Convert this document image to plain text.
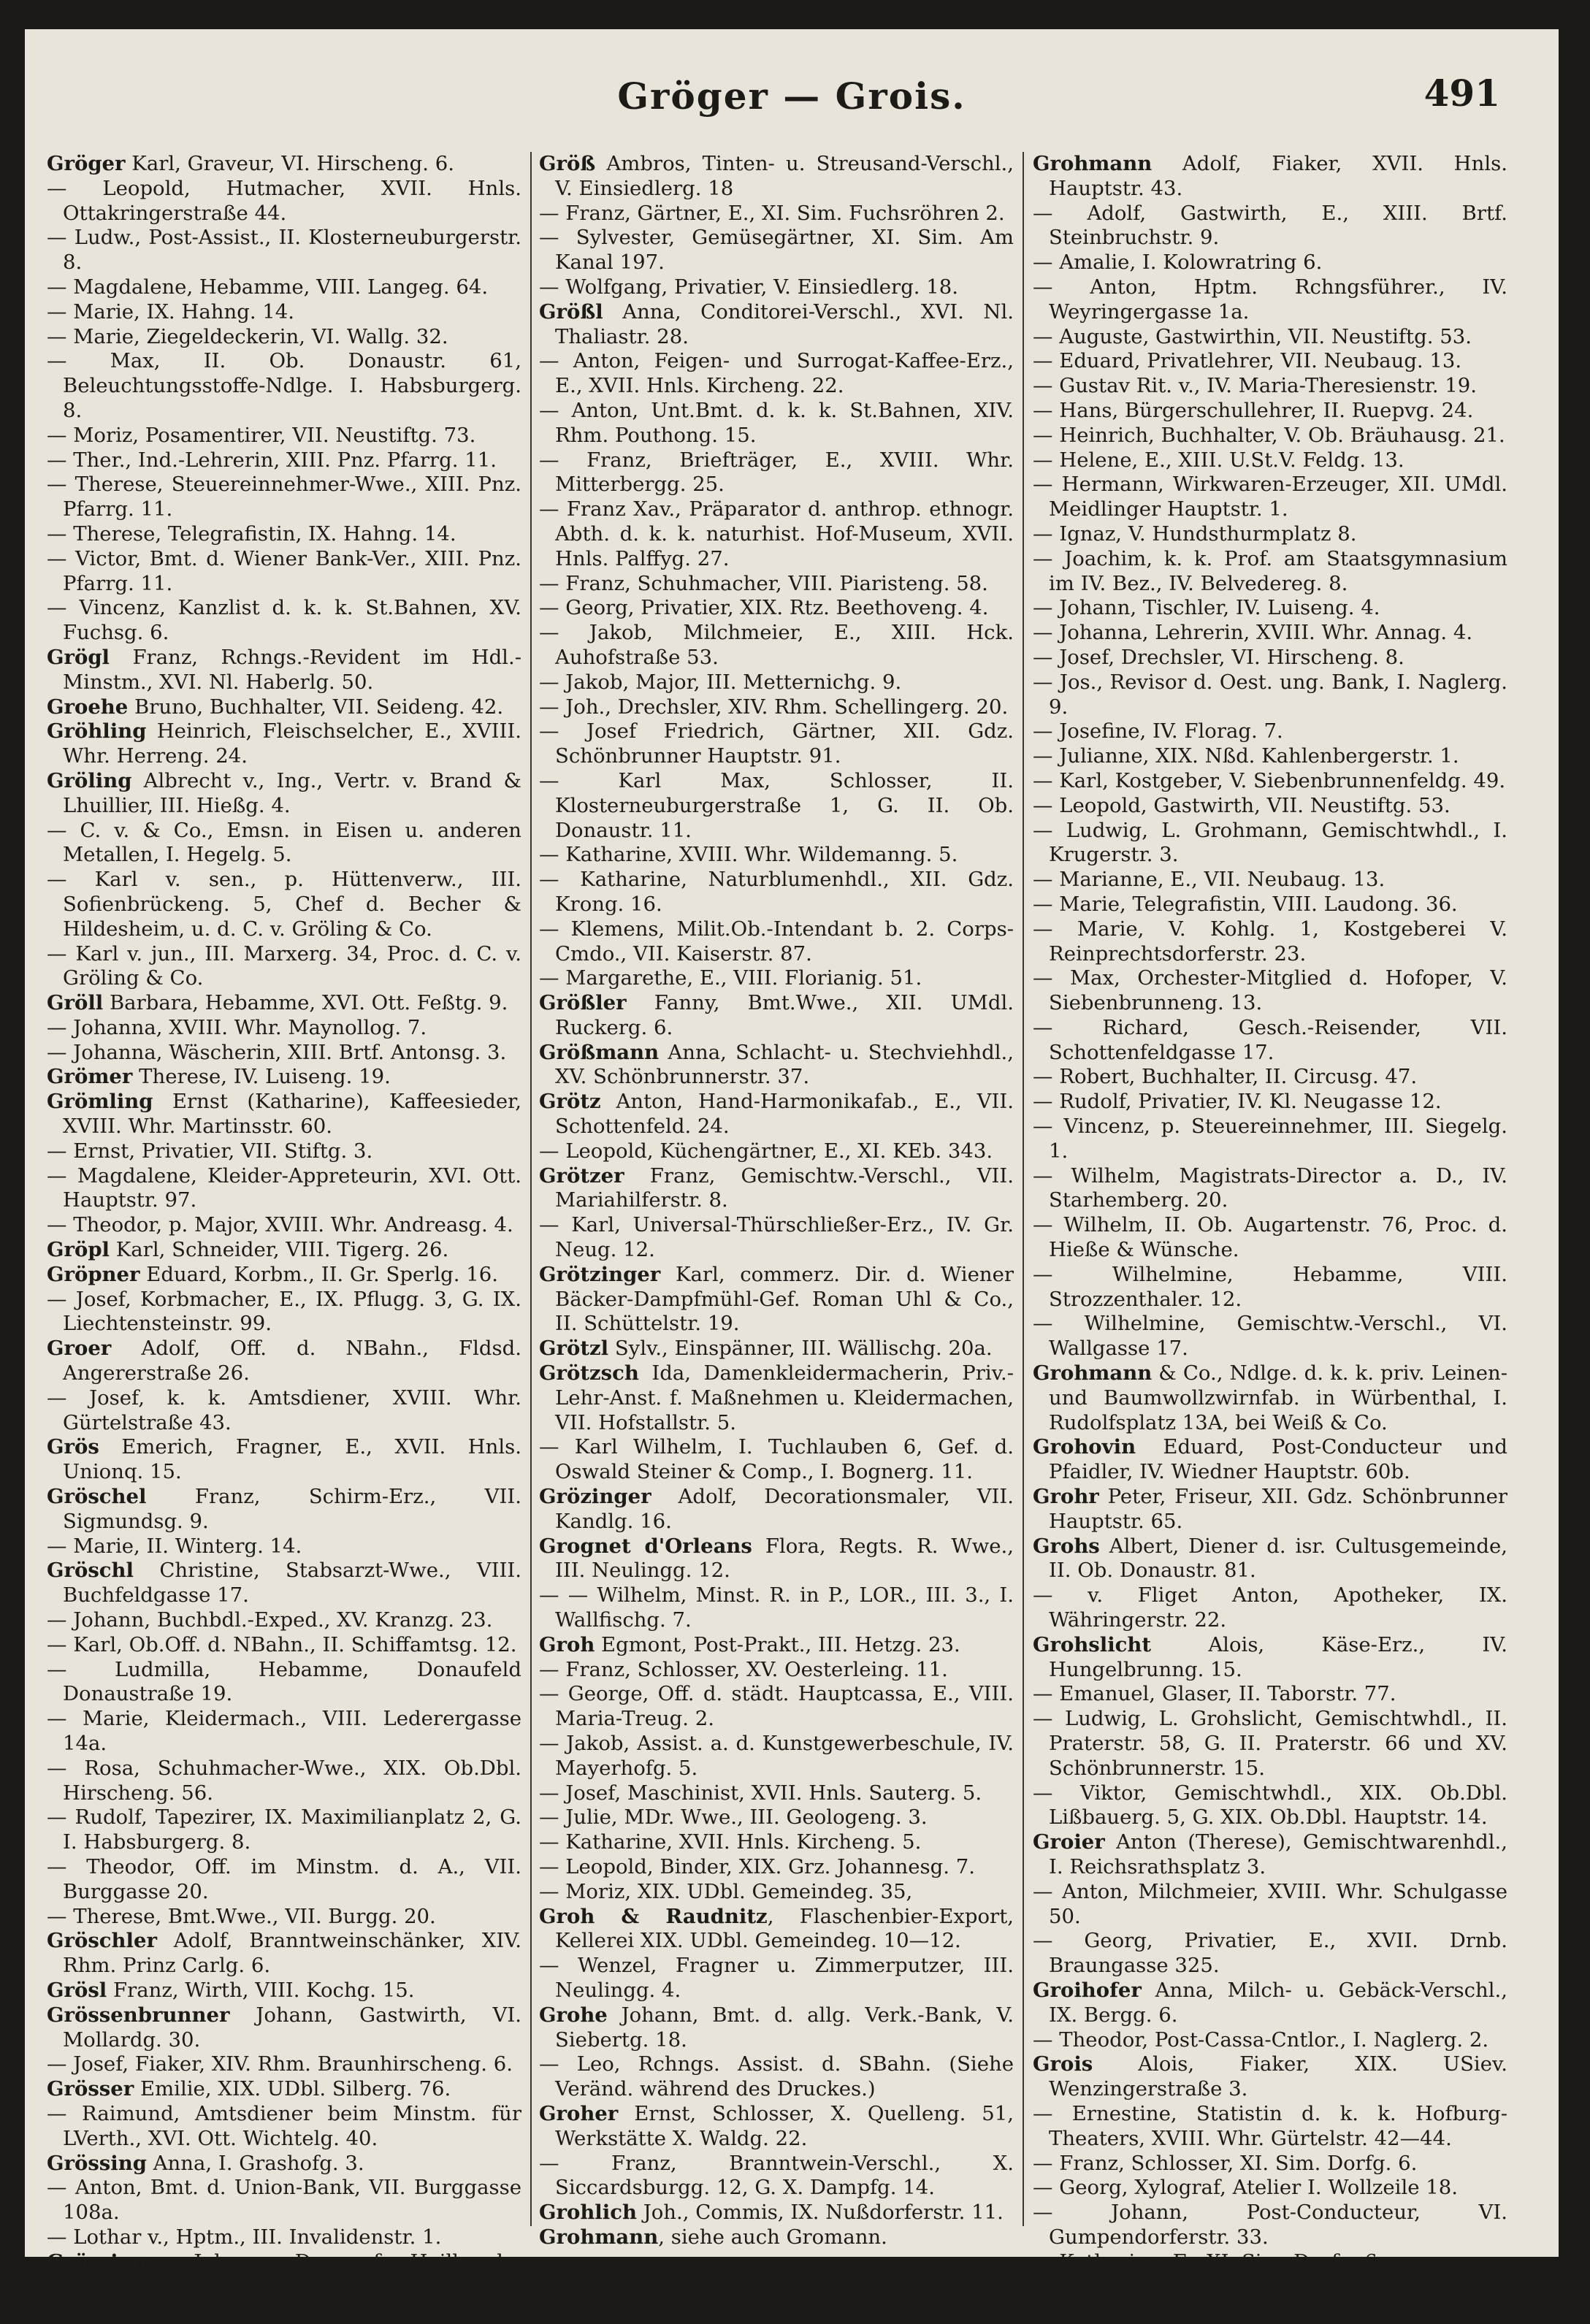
Gröger — Grois.	491

Gröger Karl, Graveur, VI. Hirscheng. 6.

— Leopold, Hutmacher, XVII. Hnls. Ottakringerstraße 44.

— Ludw., Post-Assist., II. Klosterneuburgerstr. 8.

— Magdalene, Hebamme, VIII. Langeg. 64.

— Marie, IX. Hahng. 14.

— Marie, Ziegeldeckerin, VI. Wallg. 32.

— Max, II. Ob. Donaustr. 61, Beleuchtungsstoffe-Ndlge. I. Habsburgerg. 8.

— Moriz, Posamentirer, VII. Neustiftg. 73.

— Ther., Ind.-Lehrerin, XIII. Pnz. Pfarrg. 11.

— Therese, Steuereinnehmer-Wwe., XIII. Pnz. Pfarrg. 11.

— Therese, Telegrafistin, IX. Hahng. 14.

— Victor, Bmt. d. Wiener Bank-Ver., XIII. Pnz. Pfarrg. 11.

— Vincenz, Kanzlist d. k. k. St.Bahnen, XV. Fuchsg. 6.

Grögl Franz, Rchngs.-Revident im Hdl.-Minstm., XVI. Nl. Haberlg. 50.

Groehe Bruno, Buchhalter, VII. Seideng. 42.

Gröhling Heinrich, Fleischselcher, E., XVIII. Whr. Herreng. 24.

Gröling Albrecht v., Ing., Vertr. v. Brand & Lhuillier, III. Hießg. 4.

— C. v. & Co., Emsn. in Eisen u. anderen Metallen, I. Hegelg. 5.

— Karl v. sen., p. Hüttenverw., III. Sofienbrückeng. 5, Chef d. Becher & Hildesheim, u. d. C. v. Gröling & Co.

— Karl v. jun., III. Marxerg. 34, Proc. d. C. v. Gröling & Co.

Gröll Barbara, Hebamme, XVI. Ott. Feßtg. 9.

— Johanna, XVIII. Whr. Maynollog. 7.

— Johanna, Wäscherin, XIII. Brtf. Antonsg. 3.

Grömer Therese, IV. Luiseng. 19.

Grömling Ernst (Katharine), Kaffeesieder, XVIII. Whr. Martinsstr. 60.

— Ernst, Privatier, VII. Stiftg. 3.

— Magdalene, Kleider-Appreteurin, XVI. Ott. Hauptstr. 97.

— Theodor, p. Major, XVIII. Whr. Andreasg. 4.

Gröpl Karl, Schneider, VIII. Tigerg. 26.

Gröpner Eduard, Korbm., II. Gr. Sperlg. 16.

— Josef, Korbmacher, E., IX. Pflugg. 3, G. IX. Liechtensteinstr. 99.

Groer Adolf, Off. d. NBahn., Fldsd. Angererstraße 26.

— Josef, k. k. Amtsdiener, XVIII. Whr. Gürtelstraße 43.

Grös Emerich, Fragner, E., XVII. Hnls. Unionq. 15.

Gröschel Franz, Schirm-Erz., VII. Sigmundsg. 9.

— Marie, II. Winterg. 14.

Gröschl Christine, Stabsarzt-Wwe., VIII. Buchfeldgasse 17.

— Johann, Buchbdl.-Exped., XV. Kranzg. 23.

— Karl, Ob.Off. d. NBahn., II. Schiffamtsg. 12.

— Ludmilla, Hebamme, Donaufeld Donaustraße 19.

— Marie, Kleidermach., VIII. Lederergasse 14a.

— Rosa, Schuhmacher-Wwe., XIX. Ob.Dbl. Hirscheng. 56.

— Rudolf, Tapezirer, IX. Maximilianplatz 2, G. I. Habsburgerg. 8.

— Theodor, Off. im Minstm. d. A., VII. Burggasse 20.

— Therese, Bmt.Wwe., VII. Burgg. 20.

Gröschler Adolf, Branntweinschänker, XIV. Rhm. Prinz Carlg. 6.

Grösl Franz, Wirth, VIII. Kochg. 15.

Grössenbrunner Johann, Gastwirth, VI. Mollardg. 30.

— Josef, Fiaker, XIV. Rhm. Braunhirscheng. 6.

Grösser Emilie, XIX. UDbl. Silberg. 76.

— Raimund, Amtsdiener beim Minstm. für LVerth., XVI. Ott. Wichtelg. 40.

Grössing Anna, I. Grashofg. 3.

— Anton, Bmt. d. Union-Bank, VII. Burggasse 108a.

— Lothar v., Hptm., III. Invalidenstr. 1.

Grössinger Johann, Dr. gef. Heilkunde, Regts. Arzt d. n. a. LWehr., XI. Sim. Hauptstr. 18 (12—2).

Größ Ambros, Tinten- u. Streusand-Verschl., V. Einsiedlerg. 18

— Franz, Gärtner, E., XI. Sim. Fuchsröhren 2.

— Sylvester, Gemüsegärtner, XI. Sim. Am Kanal 197.

— Wolfgang, Privatier, V. Einsiedlerg. 18.

Größl Anna, Conditorei-Verschl., XVI. Nl. Thaliastr. 28.

— Anton, Feigen- und Surrogat-Kaffee-Erz., E., XVII. Hnls. Kircheng. 22.

— Anton, Unt.Bmt. d. k. k. St.Bahnen, XIV. Rhm. Pouthong. 15.

— Franz, Briefträger, E., XVIII. Whr. Mitterbergg. 25.

— Franz Xav., Präparator d. anthrop. ethnogr. Abth. d. k. k. naturhist. Hof-Museum, XVII. Hnls. Palffyg. 27.

— Franz, Schuhmacher, VIII. Piaristeng. 58.

— Georg, Privatier, XIX. Rtz. Beethoveng. 4.

— Jakob, Milchmeier, E., XIII. Hck. Auhofstraße 53.

— Jakob, Major, III. Metternichg. 9.

— Joh., Drechsler, XIV. Rhm. Schellingerg. 20.

— Josef Friedrich, Gärtner, XII. Gdz. Schönbrunner Hauptstr. 91.

— Karl Max, Schlosser, II. Klosterneuburgerstraße 1, G. II. Ob. Donaustr. 11.

— Katharine, XVIII. Whr. Wildemanng. 5.

— Katharine, Naturblumenhdl., XII. Gdz. Krong. 16.

— Klemens, Milit.Ob.-Intendant b. 2. Corps-Cmdo., VII. Kaiserstr. 87.

— Margarethe, E., VIII. Florianig. 51.

Größler Fanny, Bmt.Wwe., XII. UMdl. Ruckerg. 6.

Größmann Anna, Schlacht- u. Stechviehhdl., XV. Schönbrunnerstr. 37.

Grötz Anton, Hand-Harmonikafab., E., VII. Schottenfeld. 24.

— Leopold, Küchengärtner, E., XI. KEb. 343.

Grötzer Franz, Gemischtw.-Verschl., VII. Mariahilferstr. 8.

— Karl, Universal-Thürschließer-Erz., IV. Gr. Neug. 12.

Grötzinger Karl, commerz. Dir. d. Wiener Bäcker-Dampfmühl-Gef. Roman Uhl & Co., II. Schüttelstr. 19.

Grötzl Sylv., Einspänner, III. Wällischg. 20a.

Grötzsch Ida, Damenkleidermacherin, Priv.-Lehr-Anst. f. Maßnehmen u. Kleidermachen, VII. Hofstallstr. 5.

— Karl Wilhelm, I. Tuchlauben 6, Gef. d. Oswald Steiner & Comp., I. Bognerg. 11.

Grözinger Adolf, Decorationsmaler, VII. Kandlg. 16.

Grognet d'Orleans Flora, Regts. R. Wwe., III. Neulingg. 12.

— — Wilhelm, Minst. R. in P., LOR., III. 3., I. Wallfischg. 7.

Groh Egmont, Post-Prakt., III. Hetzg. 23.

— Franz, Schlosser, XV. Oesterleing. 11.

— George, Off. d. städt. Hauptcassa, E., VIII. Maria-Treug. 2.

— Jakob, Assist. a. d. Kunstgewerbeschule, IV. Mayerhofg. 5.

— Josef, Maschinist, XVII. Hnls. Sauterg. 5.

— Julie, MDr. Wwe., III. Geologeng. 3.

— Katharine, XVII. Hnls. Kircheng. 5.

— Leopold, Binder, XIX. Grz. Johannesg. 7.

— Moriz, XIX. UDbl. Gemeindeg. 35,

Groh & Raudnitz, Flaschenbier-Export, Kellerei XIX. UDbl. Gemeindeg. 10—12.

— Wenzel, Fragner u. Zimmerputzer, III. Neulingg. 4.

Grohe Johann, Bmt. d. allg. Verk.-Bank, V. Siebertg. 18.

— Leo, Rchngs. Assist. d. SBahn. (Siehe Veränd. während des Druckes.)

Groher Ernst, Schlosser, X. Quelleng. 51, Werkstätte X. Waldg. 22.

— Franz, Branntwein-Verschl., X. Siccardsburgg. 12, G. X. Dampfg. 14.

Grohlich Joh., Commis, IX. Nußdorferstr. 11.

Grohmann, siehe auch Gromann.

Grohmann Adolf, Fiaker, XVII. Hnls. Hauptstr. 43.

— Adolf, Gastwirth, E., XIII. Brtf. Steinbruchstr. 9.

— Amalie, I. Kolowratring 6.

— Anton, Hptm. Rchngsführer., IV. Weyringergasse 1a.

— Auguste, Gastwirthin, VII. Neustiftg. 53.

— Eduard, Privatlehrer, VII. Neubaug. 13.

— Gustav Rit. v., IV. Maria-Theresienstr. 19.

— Hans, Bürgerschullehrer, II. Ruepvg. 24.

— Heinrich, Buchhalter, V. Ob. Bräuhausg. 21.

— Helene, E., XIII. U.St.V. Feldg. 13.

— Hermann, Wirkwaren-Erzeuger, XII. UMdl. Meidlinger Hauptstr. 1.

— Ignaz, V. Hundsthurmplatz 8.

— Joachim, k. k. Prof. am Staatsgymnasium im IV. Bez., IV. Belvedereg. 8.

— Johann, Tischler, IV. Luiseng. 4.

— Johanna, Lehrerin, XVIII. Whr. Annag. 4.

— Josef, Drechsler, VI. Hirscheng. 8.

— Jos., Revisor d. Oest. ung. Bank, I. Naglerg. 9.

— Josefine, IV. Florag. 7.

— Julianne, XIX. Nßd. Kahlenbergerstr. 1.

— Karl, Kostgeber, V. Siebenbrunnenfeldg. 49.

— Leopold, Gastwirth, VII. Neustiftg. 53.

— Ludwig, L. Grohmann, Gemischtwhdl., I. Krugerstr. 3.

— Marianne, E., VII. Neubaug. 13.

— Marie, Telegrafistin, VIII. Laudong. 36.

— Marie, V. Kohlg. 1, Kostgeberei V. Reinprechtsdorferstr. 23.

— Max, Orchester-Mitglied d. Hofoper, V. Siebenbrunneng. 13.

— Richard, Gesch.-Reisender, VII. Schottenfeldgasse 17.

— Robert, Buchhalter, II. Circusg. 47.

— Rudolf, Privatier, IV. Kl. Neugasse 12.

— Vincenz, p. Steuereinnehmer, III. Siegelg. 1.

— Wilhelm, Magistrats-Director a. D., IV. Starhemberg. 20.

— Wilhelm, II. Ob. Augartenstr. 76, Proc. d. Hieße & Wünsche.

— Wilhelmine, Hebamme, VIII. Strozzenthaler. 12.

— Wilhelmine, Gemischtw.-Verschl., VI. Wallgasse 17.

Grohmann & Co., Ndlge. d. k. k. priv. Leinen- und Baumwollzwirnfab. in Würbenthal, I. Rudolfsplatz 13A, bei Weiß & Co.

Grohovin Eduard, Post-Conducteur und Pfaidler, IV. Wiedner Hauptstr. 60b.

Grohr Peter, Friseur, XII. Gdz. Schönbrunner Hauptstr. 65.

Grohs Albert, Diener d. isr. Cultusgemeinde, II. Ob. Donaustr. 81.

— v. Fliget Anton, Apotheker, IX. Währingerstr. 22.

Grohslicht Alois, Käse-Erz., IV. Hungelbrunng. 15.

— Emanuel, Glaser, II. Taborstr. 77.

— Ludwig, L. Grohslicht, Gemischtwhdl., II. Praterstr. 58, G. II. Praterstr. 66 und XV. Schönbrunnerstr. 15.

— Viktor, Gemischtwhdl., XIX. Ob.Dbl. Lißbauerg. 5, G. XIX. Ob.Dbl. Hauptstr. 14.

Groier Anton (Therese), Gemischtwarenhdl., I. Reichsrathsplatz 3.

— Anton, Milchmeier, XVIII. Whr. Schulgasse 50.

— Georg, Privatier, E., XVII. Drnb. Braungasse 325.

Groihofer Anna, Milch- u. Gebäck-Verschl., IX. Bergg. 6.

— Theodor, Post-Cassa-Cntlor., I. Naglerg. 2.

Grois Alois, Fiaker, XIX. USiev. Wenzingerstraße 3.

— Ernestine, Statistin d. k. k. Hofburg-Theaters, XVIII. Whr. Gürtelstr. 42—44.

— Franz, Schlosser, XI. Sim. Dorfg. 6.

— Georg, Xylograf, Atelier I. Wollzeile 18.

— Johann, Post-Conducteur, VI. Gumpendorferstr. 33.

— Katharine, E., XI. Sim. Dorfg. 6.
